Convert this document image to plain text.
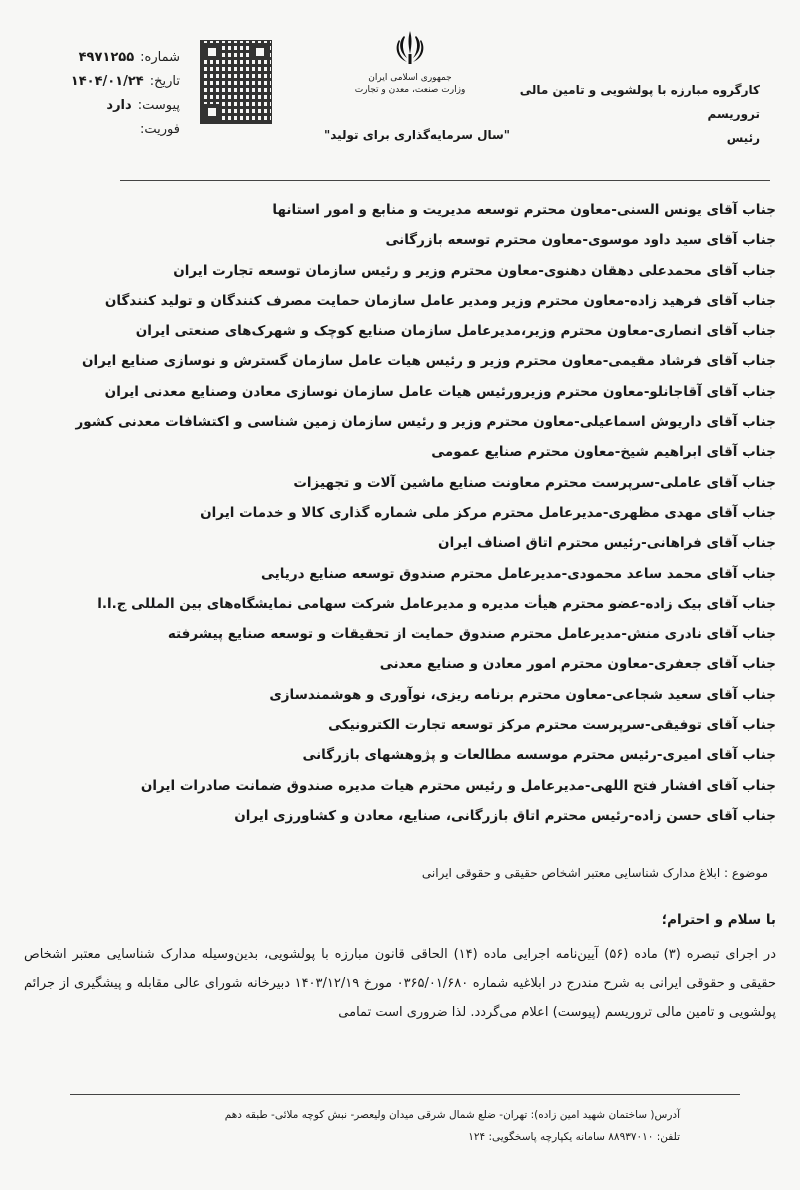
شماره:
۴۹۷۱۲۵۵
تاریخ:
۱۴۰۴/۰۱/۲۴
پیوست:
دارد
فوریت:
جمهوری اسلامی ایران
وزارت صنعت، معدن و تجارت
"سال سرمایه‌گذاری برای تولید"
کارگروه مبارزه با پولشویی و تامین مالی تروریسم
رئیس
جناب آقای یونس السنی-معاون محترم توسعه مدیریت و منابع و امور استانها
جناب آقای سید داود موسوی-معاون محترم توسعه بازرگانی
جناب آقای محمدعلی دهقان دهنوی-معاون محترم وزیر و رئیس سازمان توسعه تجارت ایران
جناب آقای فرهید زاده-معاون محترم وزیر ومدیر عامل سازمان حمایت مصرف کنندگان و تولید کنندگان
جناب آقای انصاری-معاون محترم وزیر،مدیرعامل سازمان صنایع کوچک و شهرک‌های صنعتی ایران
جناب آقای فرشاد مقیمی-معاون محترم وزیر و رئیس هیات عامل سازمان گسترش و نوسازی صنایع ایران
جناب آقای آقاجانلو-معاون محترم وزیرورئیس هیات عامل سازمان نوسازی معادن وصنایع معدنی ایران
جناب آقای داریوش اسماعیلی-معاون محترم وزیر و رئیس سازمان زمین شناسی و اکتشافات معدنی کشور
جناب آقای ابراهیم شیخ-معاون محترم صنایع عمومی
جناب آقای عاملی-سرپرست محترم معاونت صنایع ماشین آلات و تجهیزات
جناب آقای مهدی مظهری-مدیرعامل محترم مرکز ملی شماره گذاری کالا و خدمات ایران
جناب آقای فراهانی-رئیس محترم اتاق اصناف ایران
جناب آقای محمد ساعد محمودی-مدیرعامل محترم صندوق توسعه صنایع دریایی
جناب آقای بیک زاده-عضو محترم هیأت مدیره و مدیرعامل شرکت سهامی نمایشگاه‌های بین المللی ج.ا.ا
جناب آقای نادری منش-مدیرعامل محترم صندوق حمایت از تحقیقات و توسعه صنایع پیشرفته
جناب آقای جعفری-معاون محترم امور معادن و صنایع معدنی
جناب آقای سعید شجاعی-معاون محترم برنامه ریزی، نوآوری و هوشمندسازی
جناب آقای توفیقی-سرپرست محترم مرکز توسعه تجارت الکترونیکی
جناب آقای امیری-رئیس محترم موسسه مطالعات و پژوهشهای بازرگانی
جناب آقای افشار فتح اللهی-مدیرعامل و رئیس محترم هیات مدیره صندوق ضمانت صادرات ایران
جناب آقای حسن زاده-رئیس محترم اتاق بازرگانی، صنایع، معادن و کشاورزی ایران
موضوع : ابلاغ مدارک شناسایی معتبر اشخاص حقیقی و حقوقی ایرانی
با سلام و احترام؛
در اجرای تبصره (۳) ماده (۵۶) آیین‌نامه اجرایی ماده (۱۴) الحاقی قانون مبارزه با پولشویی، بدین‌وسیله مدارک شناسایی معتبر اشخاص حقیقی و حقوقی ایرانی به شرح مندرج در ابلاغیه شماره ۰۳۶۵/۰۱/۶۸۰ مورخ ۱۴۰۳/۱۲/۱۹ دبیرخانه شورای عالی مقابله و پیشگیری از جرائم پولشویی و تامین مالی تروریسم (پیوست) اعلام می‌گردد. لذا ضروری است تمامی
آدرس( ساختمان شهید امین زاده): تهران- ضلع شمال شرقی میدان ولیعصر- نبش کوچه ملائی- طبقه دهم
تلفن: ۸۸۹۳۷۰۱۰ سامانه یکپارچه پاسخگویی: ۱۲۴
